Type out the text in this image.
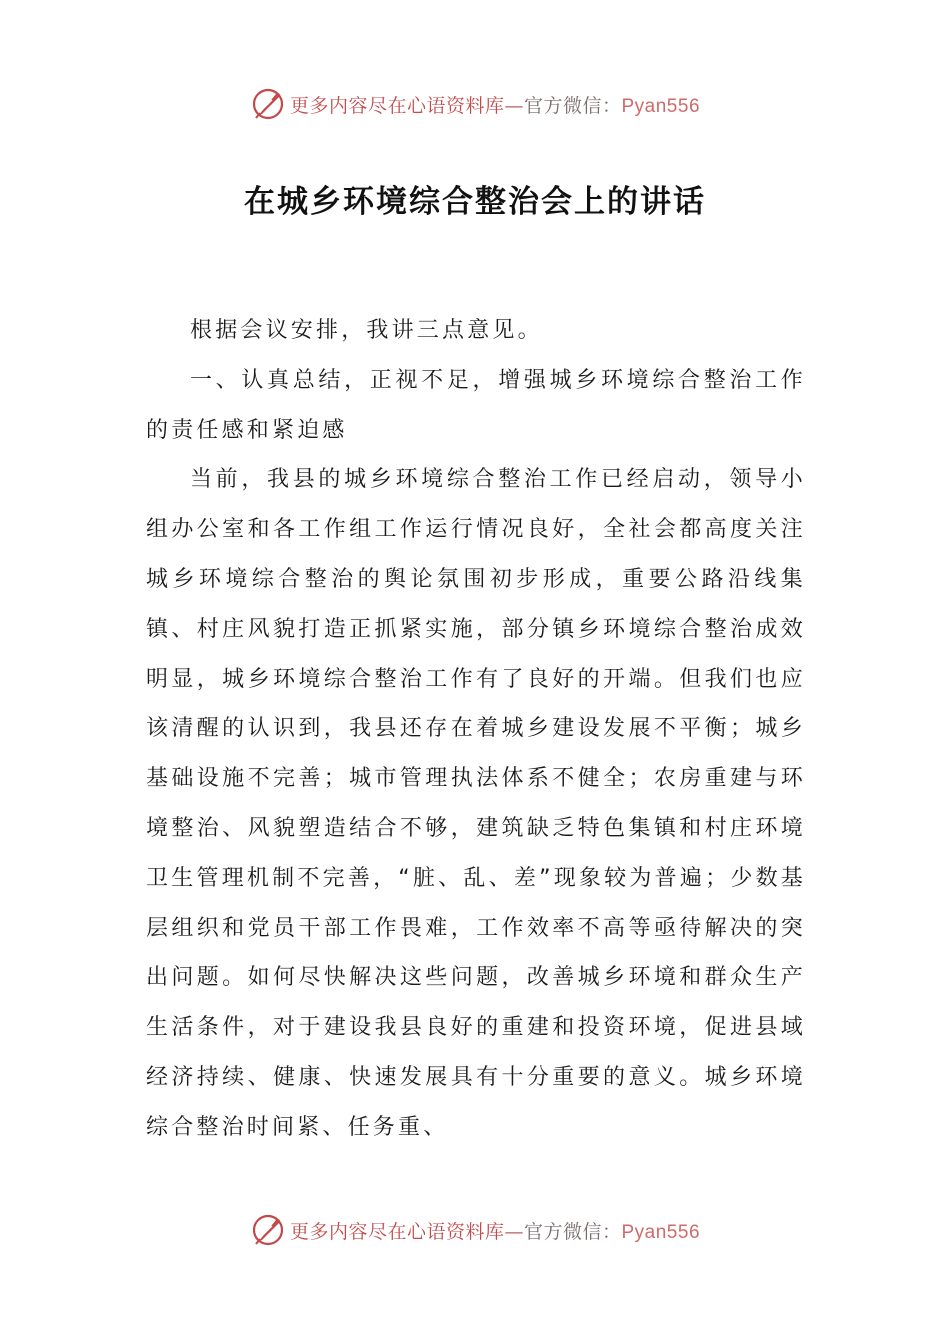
更多内容尽在心语资料库—官方微信：Pyan556
在城乡环境综合整治会上的讲话

根据会议安排，我讲三点意见。

一、认真总结，正视不足，增强城乡环境综合整治工作的责任感和紧迫感

当前，我县的城乡环境综合整治工作已经启动，领导小组办公室和各工作组工作运行情况良好，全社会都高度关注城乡环境综合整治的舆论氛围初步形成，重要公路沿线集镇、村庄风貌打造正抓紧实施，部分镇乡环境综合整治成效明显，城乡环境综合整治工作有了良好的开端。但我们也应该清醒的认识到，我县还存在着城乡建设发展不平衡；城乡基础设施不完善；城市管理执法体系不健全；农房重建与环境整治、风貌塑造结合不够，建筑缺乏特色集镇和村庄环境卫生管理机制不完善，“脏、乱、差”现象较为普遍；少数基层组织和党员干部工作畏难，工作效率不高等亟待解决的突出问题。如何尽快解决这些问题，改善城乡环境和群众生产生活条件，对于建设我县良好的重建和投资环境，促进县域经济持续、健康、快速发展具有十分重要的意义。城乡环境综合整治时间紧、任务重、

更多内容尽在心语资料库—官方微信：Pyan556
